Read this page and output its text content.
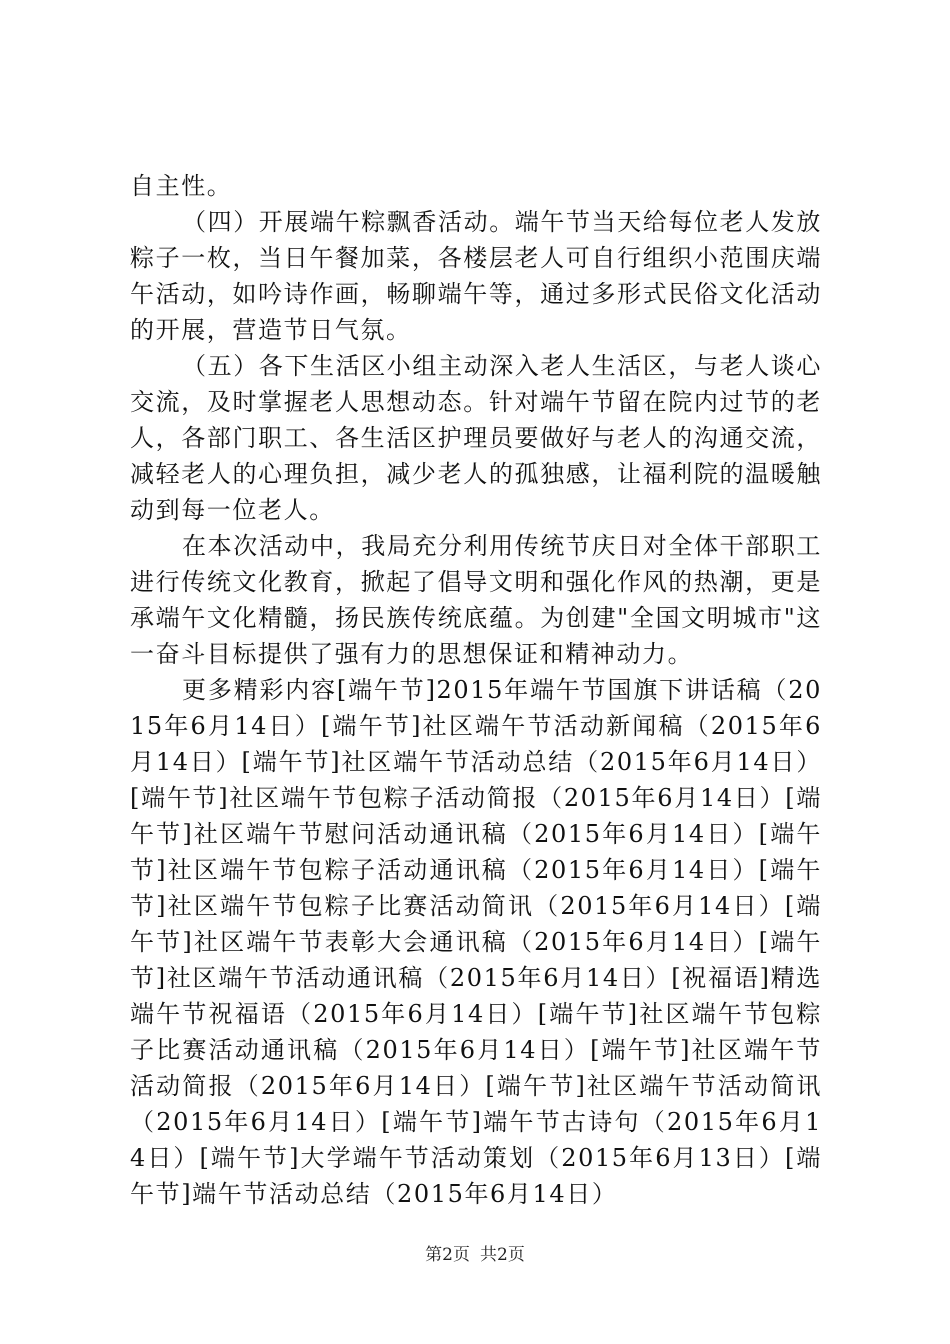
自主性。

（四）开展端午粽飘香活动。端午节当天给每位老人发放粽子一枚，当日午餐加菜，各楼层老人可自行组织小范围庆端午活动，如吟诗作画，畅聊端午等，通过多形式民俗文化活动的开展，营造节日气氛。

（五）各下生活区小组主动深入老人生活区，与老人谈心交流，及时掌握老人思想动态。针对端午节留在院内过节的老人，各部门职工、各生活区护理员要做好与老人的沟通交流，减轻老人的心理负担，减少老人的孤独感，让福利院的温暖触动到每一位老人。

在本次活动中，我局充分利用传统节庆日对全体干部职工进行传统文化教育，掀起了倡导文明和强化作风的热潮，更是承端午文化精髓，扬民族传统底蕴。为创建"全国文明城市"这一奋斗目标提供了强有力的思想保证和精神动力。

更多精彩内容[端午节]2015年端午节国旗下讲话稿（2015年6月14日）[端午节]社区端午节活动新闻稿（2015年6月14日）[端午节]社区端午节活动总结（2015年6月14日）[端午节]社区端午节包粽子活动简报（2015年6月14日）[端午节]社区端午节慰问活动通讯稿（2015年6月14日）[端午节]社区端午节包粽子活动通讯稿（2015年6月14日）[端午节]社区端午节包粽子比赛活动简讯（2015年6月14日）[端午节]社区端午节表彰大会通讯稿（2015年6月14日）[端午节]社区端午节活动通讯稿（2015年6月14日）[祝福语]精选端午节祝福语（2015年6月14日）[端午节]社区端午节包粽子比赛活动通讯稿（2015年6月14日）[端午节]社区端午节活动简报（2015年6月14日）[端午节]社区端午节活动简讯（2015年6月14日）[端午节]端午节古诗句（2015年6月14日）[端午节]大学端午节活动策划（2015年6月13日）[端午节]端午节活动总结（2015年6月14日）

第2页 共2页
